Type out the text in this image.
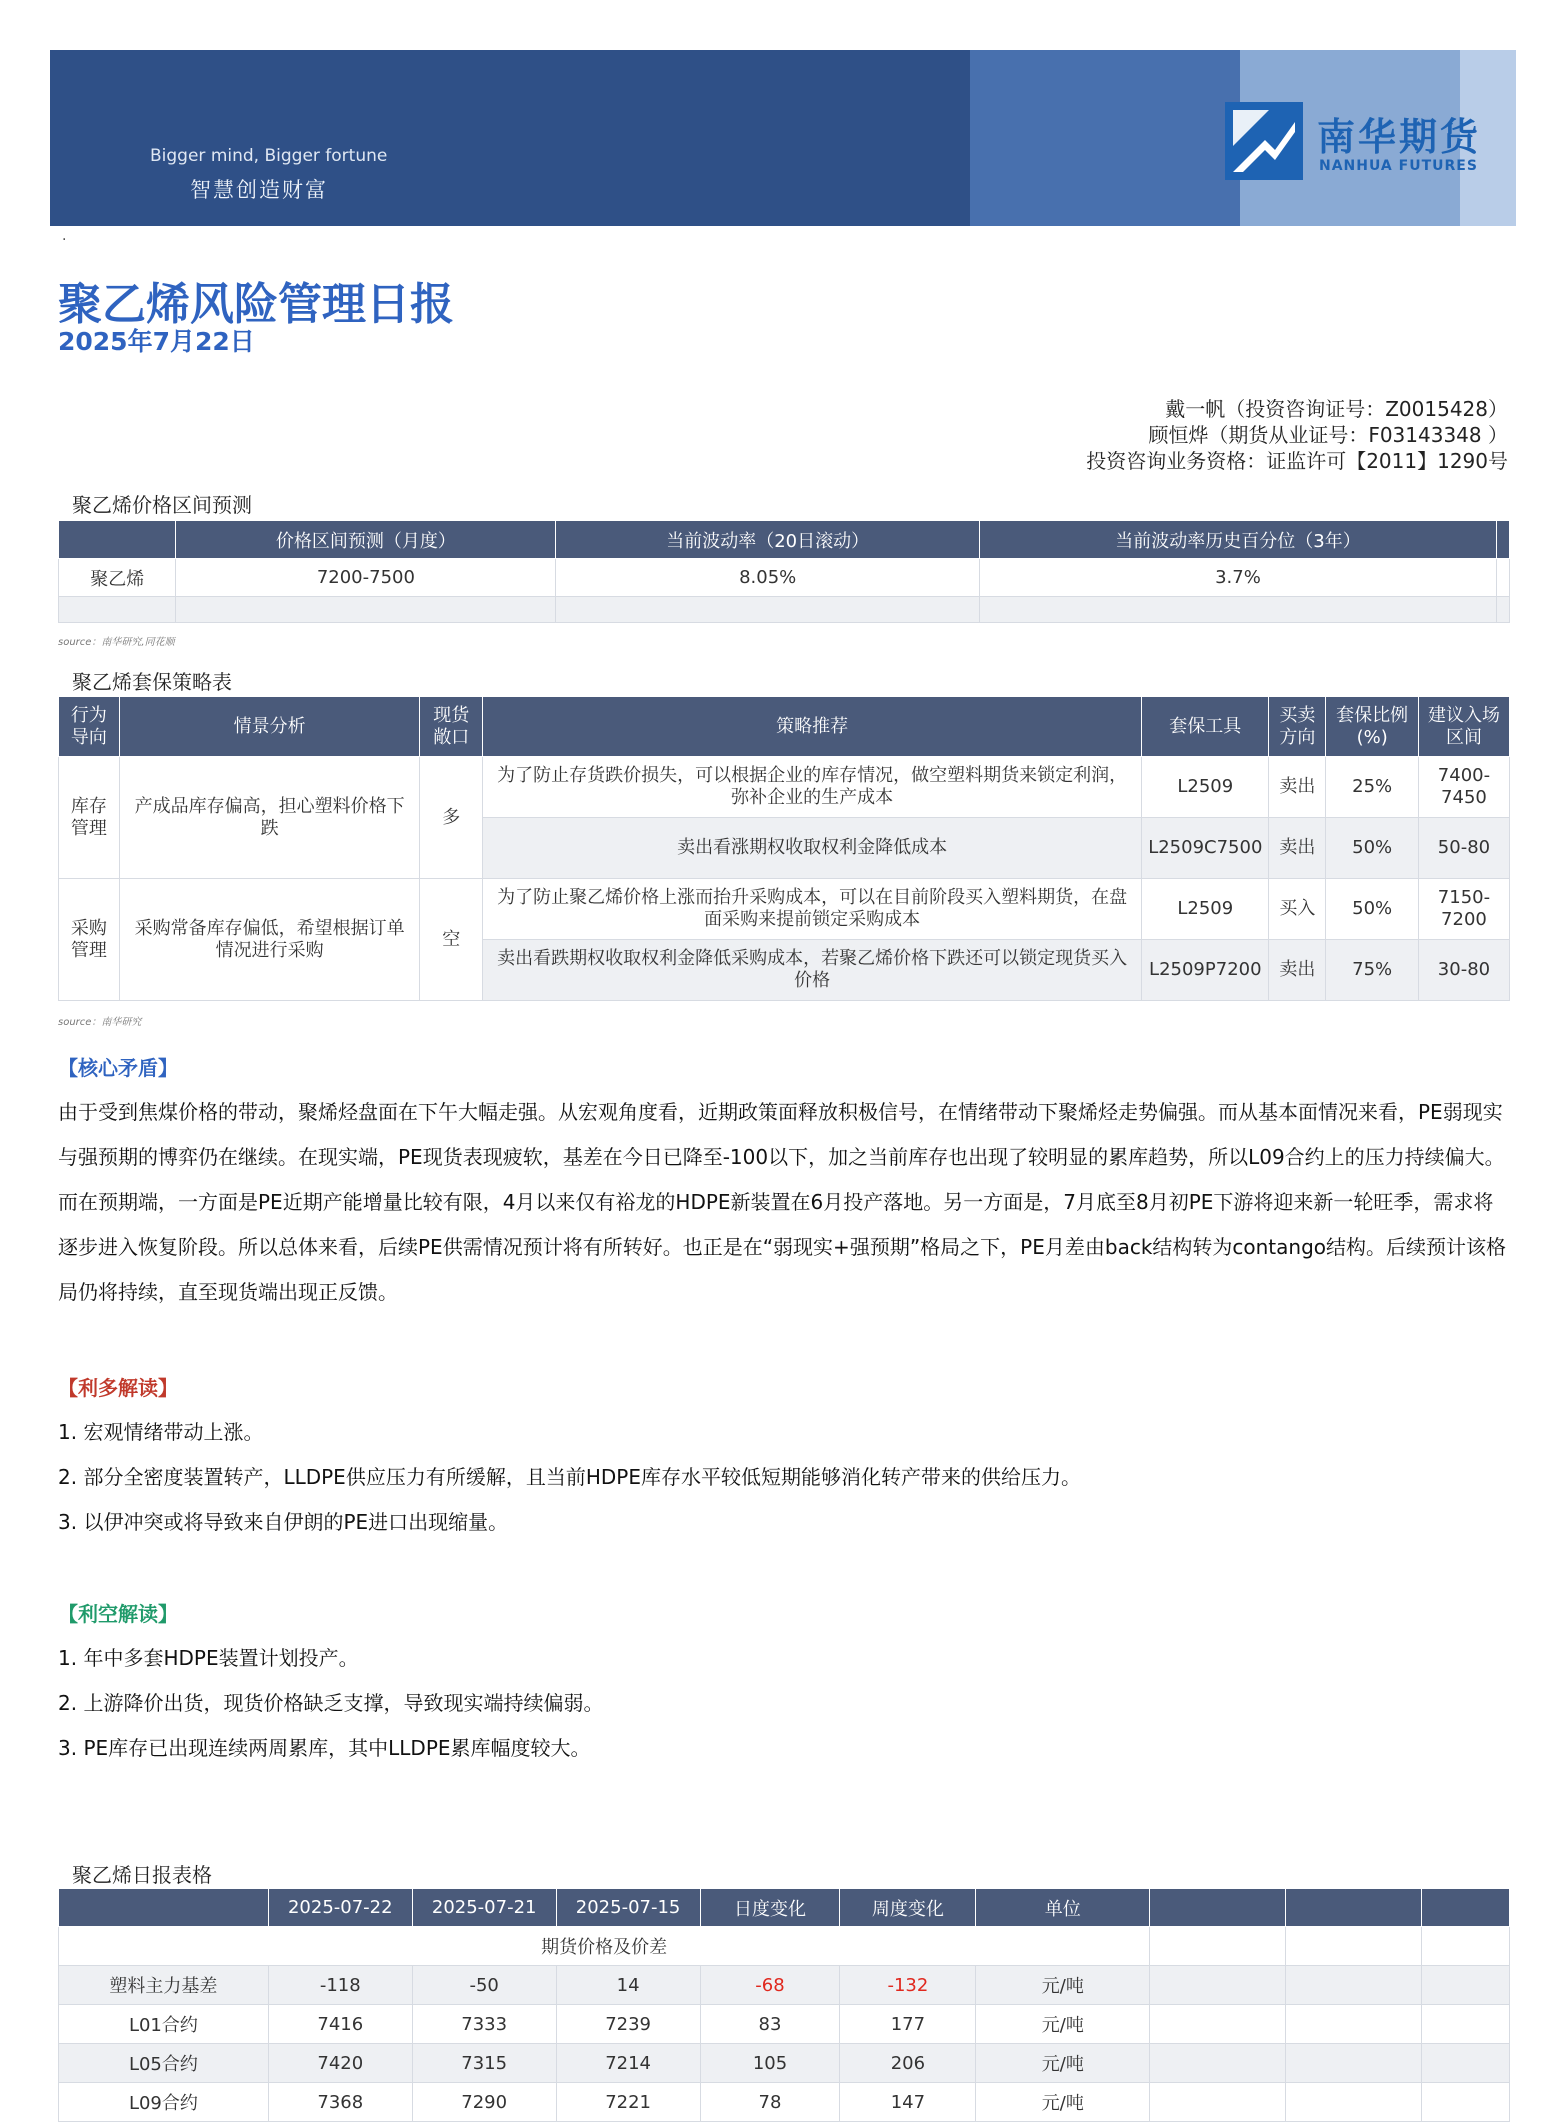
Bigger mind, Bigger fortune
智慧创造财富
南华期货
NANHUA FUTURES
·
聚乙烯风险管理日报
2025年7月22日
戴一帆（投资咨询证号：Z0015428）
顾恒烨（期货从业证号：F03143348 ）
投资咨询业务资格：证监许可【2011】1290号
聚乙烯价格区间预测
	价格区间预测（月度）	当前波动率（20日滚动）	当前波动率历史百分位（3年）	
聚乙烯	7200-7500	8.05%	3.7%	

source：南华研究,同花顺
聚乙烯套保策略表
行为导向	情景分析	现货敞口	策略推荐	套保工具	买卖方向	套保比例(%)	建议入场区间
库存管理	产成品库存偏高，担心塑料价格下跌	多	为了防止存货跌价损失，可以根据企业的库存情况，做空塑料期货来锁定利润，弥补企业的生产成本	L2509	卖出	25%	7400-7450
			卖出看涨期权收取权利金降低成本	L2509C7500	卖出	50%	50-80
采购管理	采购常备库存偏低，希望根据订单情况进行采购	空	为了防止聚乙烯价格上涨而抬升采购成本，可以在目前阶段买入塑料期货，在盘面采购来提前锁定采购成本	L2509	买入	50%	7150-7200
			卖出看跌期权收取权利金降低采购成本，若聚乙烯价格下跌还可以锁定现货买入价格	L2509P7200	卖出	75%	30-80
source：南华研究
【核心矛盾】

由于受到焦煤价格的带动，聚烯烃盘面在下午大幅走强。从宏观角度看，近期政策面释放积极信号，在情绪带动下聚烯烃走势偏强。而从基本面情况来看，PE弱现实与强预期的博弈仍在继续。在现实端，PE现货表现疲软，基差在今日已降至-100以下，加之当前库存也出现了较明显的累库趋势，所以L09合约上的压力持续偏大。而在预期端，一方面是PE近期产能增量比较有限，4月以来仅有裕龙的HDPE新装置在6月投产落地。另一方面是，7月底至8月初PE下游将迎来新一轮旺季，需求将逐步进入恢复阶段。所以总体来看，后续PE供需情况预计将有所转好。也正是在“弱现实+强预期”格局之下，PE月差由back结构转为contango结构。后续预计该格局仍将持续，直至现货端出现正反馈。

【利多解读】
1. 宏观情绪带动上涨。
2. 部分全密度装置转产，LLDPE供应压力有所缓解，且当前HDPE库存水平较低短期能够消化转产带来的供给压力。
3. 以伊冲突或将导致来自伊朗的PE进口出现缩量。
【利空解读】
1. 年中多套HDPE装置计划投产。
2. 上游降价出货，现货价格缺乏支撑，导致现实端持续偏弱。
3. PE库存已出现连续两周累库，其中LLDPE累库幅度较大。
聚乙烯日报表格
	2025-07-22	2025-07-21	2025-07-15	日度变化	周度变化	单位			
期货价格及价差									
塑料主力基差	-118	-50	14	-68	-132	元/吨			
L01合约	7416	7333	7239	83	177	元/吨			
L05合约	7420	7315	7214	105	206	元/吨			
L09合约	7368	7290	7221	78	147	元/吨			
